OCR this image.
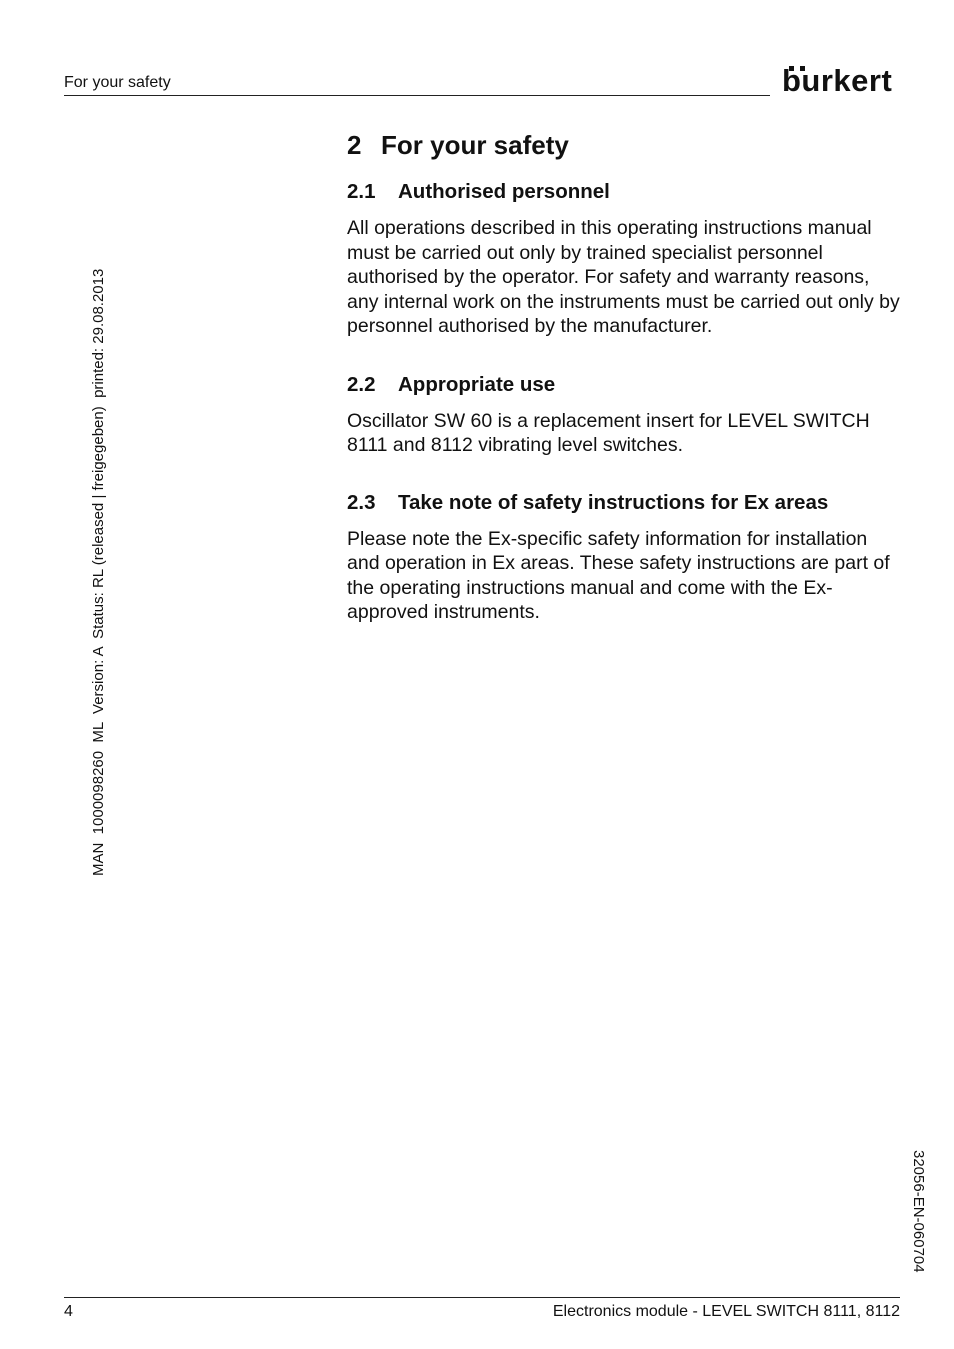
For your safety	burkert
MAN  1000098260  ML  Version: A  Status: RL (released | freigegeben)  printed: 29.08.2013
32056-EN-060704
2 For your safety
2.1 Authorised personnel

All operations described in this operating instructions manual must be carried out only by trained specialist personnel authorised by the operator. For safety and warranty reasons, any internal work on the instruments must be carried out only by personnel authorised by the manufacturer.

2.2 Appropriate use

Oscillator SW 60 is a replacement insert for LEVEL SWITCH 8111 and 8112 vibrating level switches.

2.3 Take note of safety instructions for Ex areas

Please note the Ex-specific safety information for installation and operation in Ex areas. These safety instructions are part of the operating instructions manual and come with the Ex-approved instruments.

4	Electronics module - LEVEL SWITCH 8111, 8112
